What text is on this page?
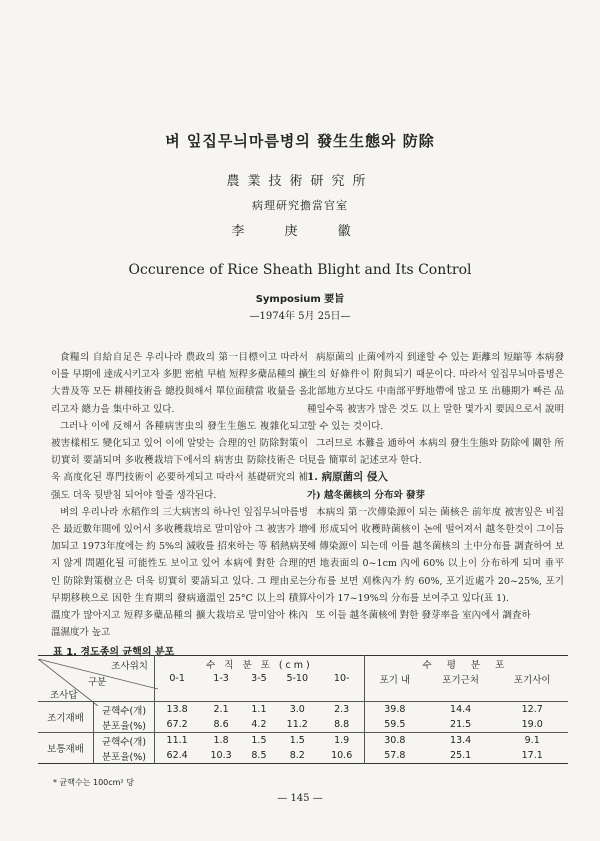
벼 잎집무늬마름병의 發生生態와 防除
農業技術研究所
病理研究擔當官室
李 庚 徽
Occurence of Rice Sheath Blight and Its Control
Symposium 要旨
—1974年 5月 25日—

食糧의 自給自足은 우리나라 農政의 第一目標이고 따라서 이를 早期에 達成시키고자 多肥 密植 早植 短稈多蘗品種의 擴大普及等 모든 耕種技術을 總投與해서 單位面積當 收量을 올리고자 總力을 集中하고 있다.

그러나 이에 反해서 各種病害虫의 發生生態도 複雜化되고 被害樣相도 變化되고 있어 이에 알맞는 合理的인 防除對策이 切實히 要請되며 多收穫栽培下에서의 病害虫 防除技術은 더욱 高度化된 專門技術이 必要하게되고 따라서 基礎研究의 補强도 더욱 뒷받침 되어야 할줄 생각된다.

벼의 우리나라 水稻作의 三大病害의 하나인 잎집무늬마름병은 最近數年間에 있어서 多收穫栽培로 말미암아 그 被害가 增加되고 1973年度에는 約 5%의 減收를 招來하는 等 稻熱病못지 않게 問題化될 可能性도 보이고 있어 本病에 對한 合理的인 防除對策樹立은 더욱 切實히 要請되고 있다. 그 理由로는 早期移秧으로 因한 生育期의 發病適溫인 25°C 以上의 積算溫度가 많아지고 短稈多蘗品種의 擴大栽培로 말미암아 株內溫濕度가 높고

病原菌의 止菌에까지 到達할 수 있는 距離의 短縮等 本病發生의 好條件이 附與되기 때문이다. 따라서 잎집무늬마름병은 北部地方보다도 中南部平野地帶에 많고 또 出穗期가 빠른 品種일수록 被害가 많은 것도 以上 말한 몇가지 要因으로서 說明할 수 있는 것이다.

그러므로 本難을 通하여 本病의 發生生態와 防除에 關한 所見을 簡單히 記述코자 한다.

1. 病原菌의 侵入

가) 越冬菌核의 分布와 發芽

本病의 第一次傳染源이 되는 菌核은 前年度 被害잎은 비집에 形成되어 收穫時菌核이 논에 떨어져서 越冬한것이 그이듬해 傳染源이 되는데 이를 越冬菌核의 土中分布를 調査하여 보면 地表面의 0~1cm 內에 60% 以上이 分布하게 되며 垂平分布를 보면 刈株內가 約 60%, 포기近處가 20~25%, 포기사이가 17~19%의 分布를 보여주고 있다(표 1).

또 이들 越冬菌核에 對한 發芽率을 室內에서 調査하

표 1. 경도종의 균핵의 분포
조사위치
구분		수 직 분 포 (cm)					수 평 분 포		
		0-1	1-3	3-5	5-10	10-	포기 내	포기근처	포기사이
조사답									
조기재배	균핵수(개)	13.8	2.1	1.1	3.0	2.3	39.8	14.4	12.7
	분포율(%)	67.2	8.6	4.2	11.2	8.8	59.5	21.5	19.0
보통재배	균핵수(개)	11.1	1.8	1.5	1.5	1.9	30.8	13.4	9.1
	분포율(%)	62.4	10.3	8.5	8.2	10.6	57.8	25.1	17.1
* 균핵수는 100cm² 당
— 145 —
